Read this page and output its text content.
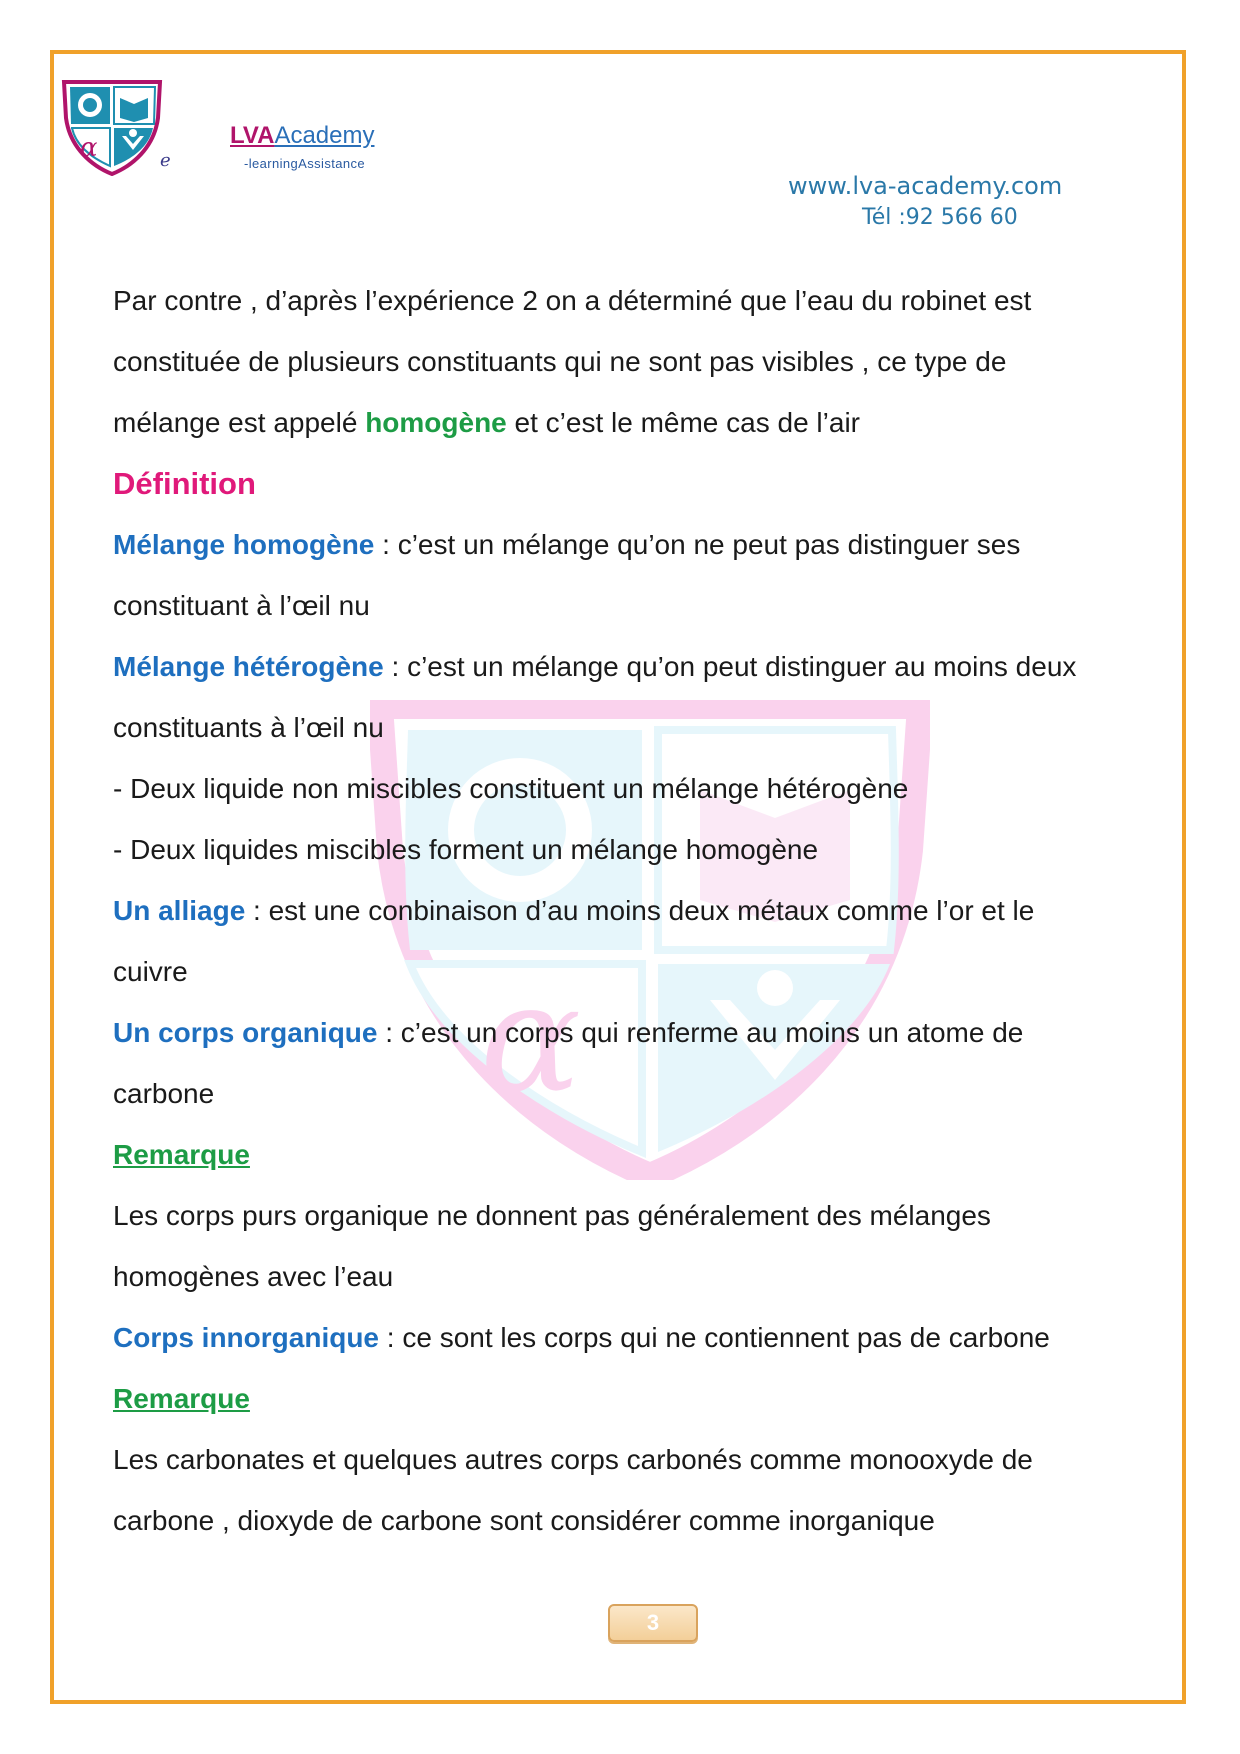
α	e
LVAAcademy
-learningAssistance
www.lva-academy.com
Tél :92 566 60
α
Par contre , d’après l’expérience 2 on a déterminé que l’eau du robinet est
constituée de plusieurs constituants qui ne sont pas visibles , ce type de
mélange est appelé homogène et c’est le même cas de l’air
Définition
Mélange homogène : c’est un mélange qu’on ne peut pas distinguer ses
constituant à l’œil nu
Mélange hétérogène : c’est un mélange qu’on peut distinguer au moins deux
constituants à l’œil nu
- Deux liquide non miscibles constituent un mélange hétérogène
- Deux liquides miscibles forment un mélange homogène
Un alliage : est une conbinaison d’au moins deux métaux comme l’or et le
cuivre
Un corps organique : c’est un corps qui renferme au moins un atome de
carbone
Remarque
Les corps purs organique ne donnent pas généralement des mélanges
homogènes avec l’eau
Corps innorganique : ce sont les corps qui ne contiennent pas de carbone
Remarque
Les carbonates et quelques autres corps carbonés comme monooxyde de
carbone , dioxyde de carbone sont considérer comme inorganique
3
